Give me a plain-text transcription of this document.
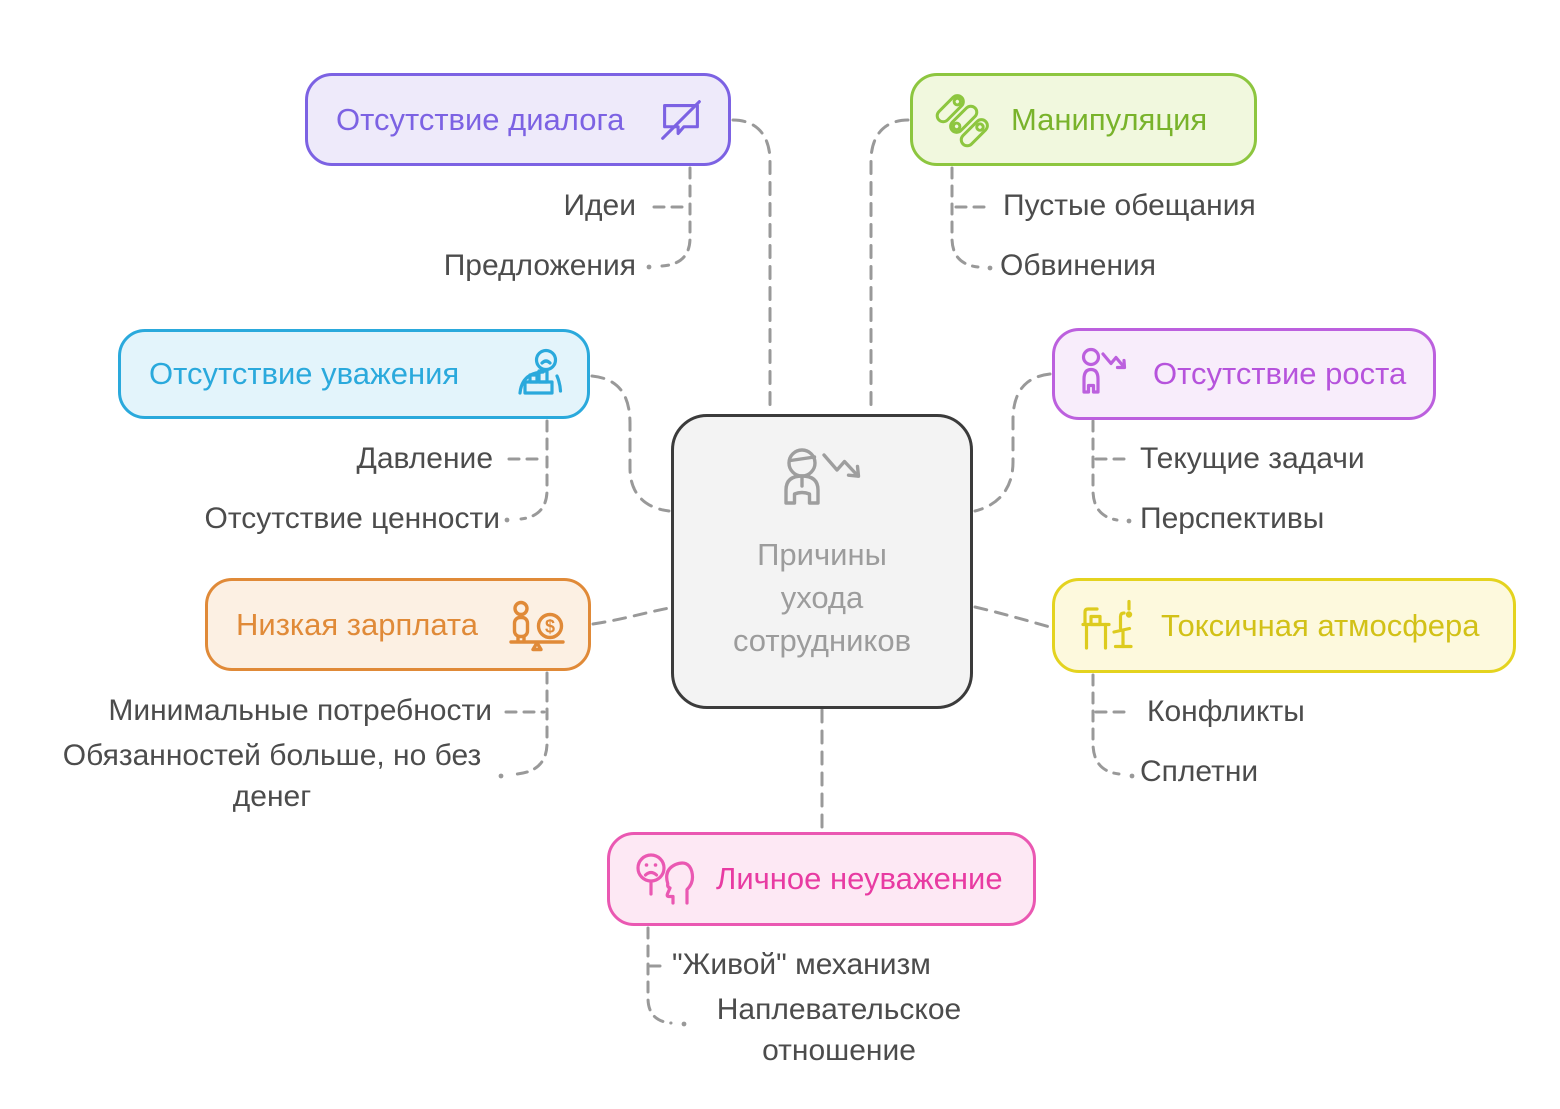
Причины
ухода
сотрудников
Отсутствие диалога
Идеи
Предложения
Манипуляция
Пустые обещания
Обвинения
Отсутствие уважения
Давление
Отсутствие ценности
Отсутствие роста
Текущие задачи
Перспективы
Низкая зарплата	$
Минимальные потребности
Обязанностей больше, но без денег
Токсичная атмосфера
Конфликты
Сплетни
Личное неуважение
"Живой" механизм
Наплевательское отношение
